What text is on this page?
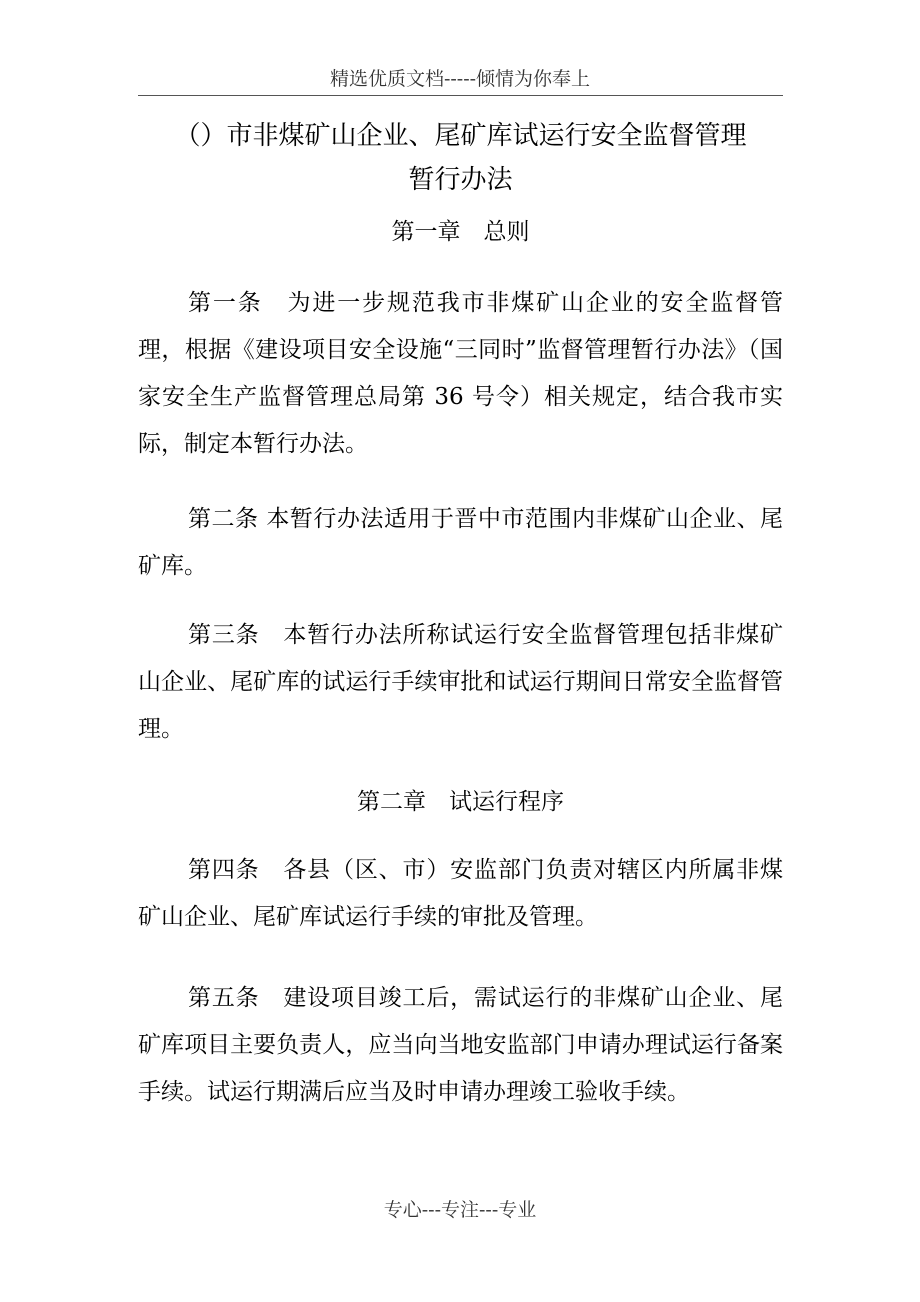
精选优质文档-----倾情为你奉上
（）市非煤矿山企业、尾矿库试运行安全监督管理
暂行办法
第一章　总则

第一条　为进一步规范我市非煤矿山企业的安全监督管理，根据《建设项目安全设施“三同时”监督管理暂行办法》（国家安全生产监督管理总局第 36 号令）相关规定，结合我市实际，制定本暂行办法。

第二条 本暂行办法适用于晋中市范围内非煤矿山企业、尾矿库。

第三条　本暂行办法所称试运行安全监督管理包括非煤矿山企业、尾矿库的试运行手续审批和试运行期间日常安全监督管理。

第二章　试运行程序

第四条　各县（区、市）安监部门负责对辖区内所属非煤矿山企业、尾矿库试运行手续的审批及管理。

第五条　建设项目竣工后，需试运行的非煤矿山企业、尾矿库项目主要负责人，应当向当地安监部门申请办理试运行备案手续。试运行期满后应当及时申请办理竣工验收手续。

专心---专注---专业
